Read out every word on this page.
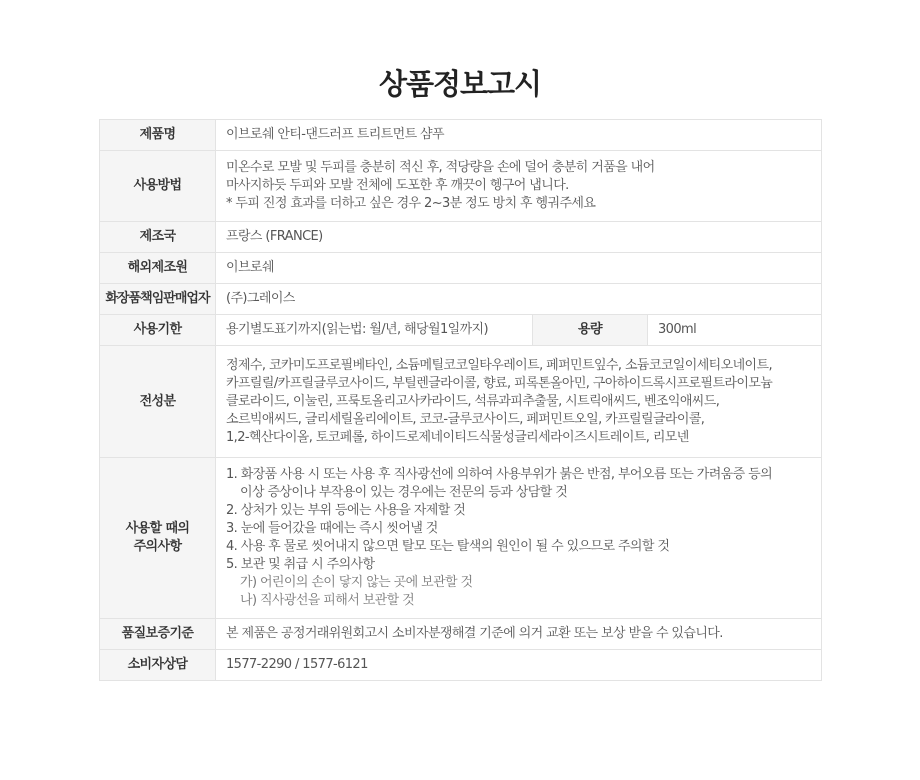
상품정보고시
제품명	이브로쉐 안티-댄드러프 트리트먼트 샴푸		
사용방법	미온수로 모발 및 두피를 충분히 적신 후, 적당량을 손에 덜어 충분히 거품을 내어
마사지하듯 두피와 모발 전체에 도포한 후 깨끗이 헹구어 냅니다.
* 두피 진정 효과를 더하고 싶은 경우 2~3분 정도 방치 후 헹궈주세요		

제조국	프랑스 (FRANCE)		
해외제조원	이브로쉐		
화장품책임판매업자	(주)그레이스		
사용기한	용기별도표기까지(읽는법: 월/년, 해당월1일까지)	용량	300ml
전성분	정제수, 코카미도프로필베타인, 소듐메틸코코일타우레이트, 페퍼민트잎수, 소듐코코일이세티오네이트,
카프릴릴/카프릴글루코사이드, 부틸렌글라이콜, 향료, 피록톤올아민, 구아하이드록시프로필트라이모늄
클로라이드, 이눌린, 프룩토올리고사카라이드, 석류과피추출물, 시트릭애씨드, 벤조익애씨드,
소르빅애씨드, 글리세릴올리에이트, 코코-글루코사이드, 페퍼민트오일, 카프릴릴글라이콜,
1,2-헥산다이올, 토코페롤, 하이드로제네이티드식물성글리세라이즈시트레이트, 리모넨		

사용할 때의
주의사항

1. 화장품 사용 시 또는 사용 후 직사광선에 의하여 사용부위가 붉은 반점, 부어오름 또는 가려움증 등의
이상 증상이나 부작용이 있는 경우에는 전문의 등과 상담할 것
2. 상처가 있는 부위 등에는 사용을 자제할 것
3. 눈에 들어갔을 때에는 즉시 씻어낼 것
4. 사용 후 물로 씻어내지 않으면 탈모 또는 탈색의 원인이 될 수 있으므로 주의할 것
5. 보관 및 취급 시 주의사항
가) 어린이의 손이 닿지 않는 곳에 보관할 것
나) 직사광선을 피해서 보관할 것

품질보증기준	본 제품은 공정거래위원회고시 소비자분쟁해결 기준에 의거 교환 또는 보상 받을 수 있습니다.		
소비자상담	1577-2290 / 1577-6121		
